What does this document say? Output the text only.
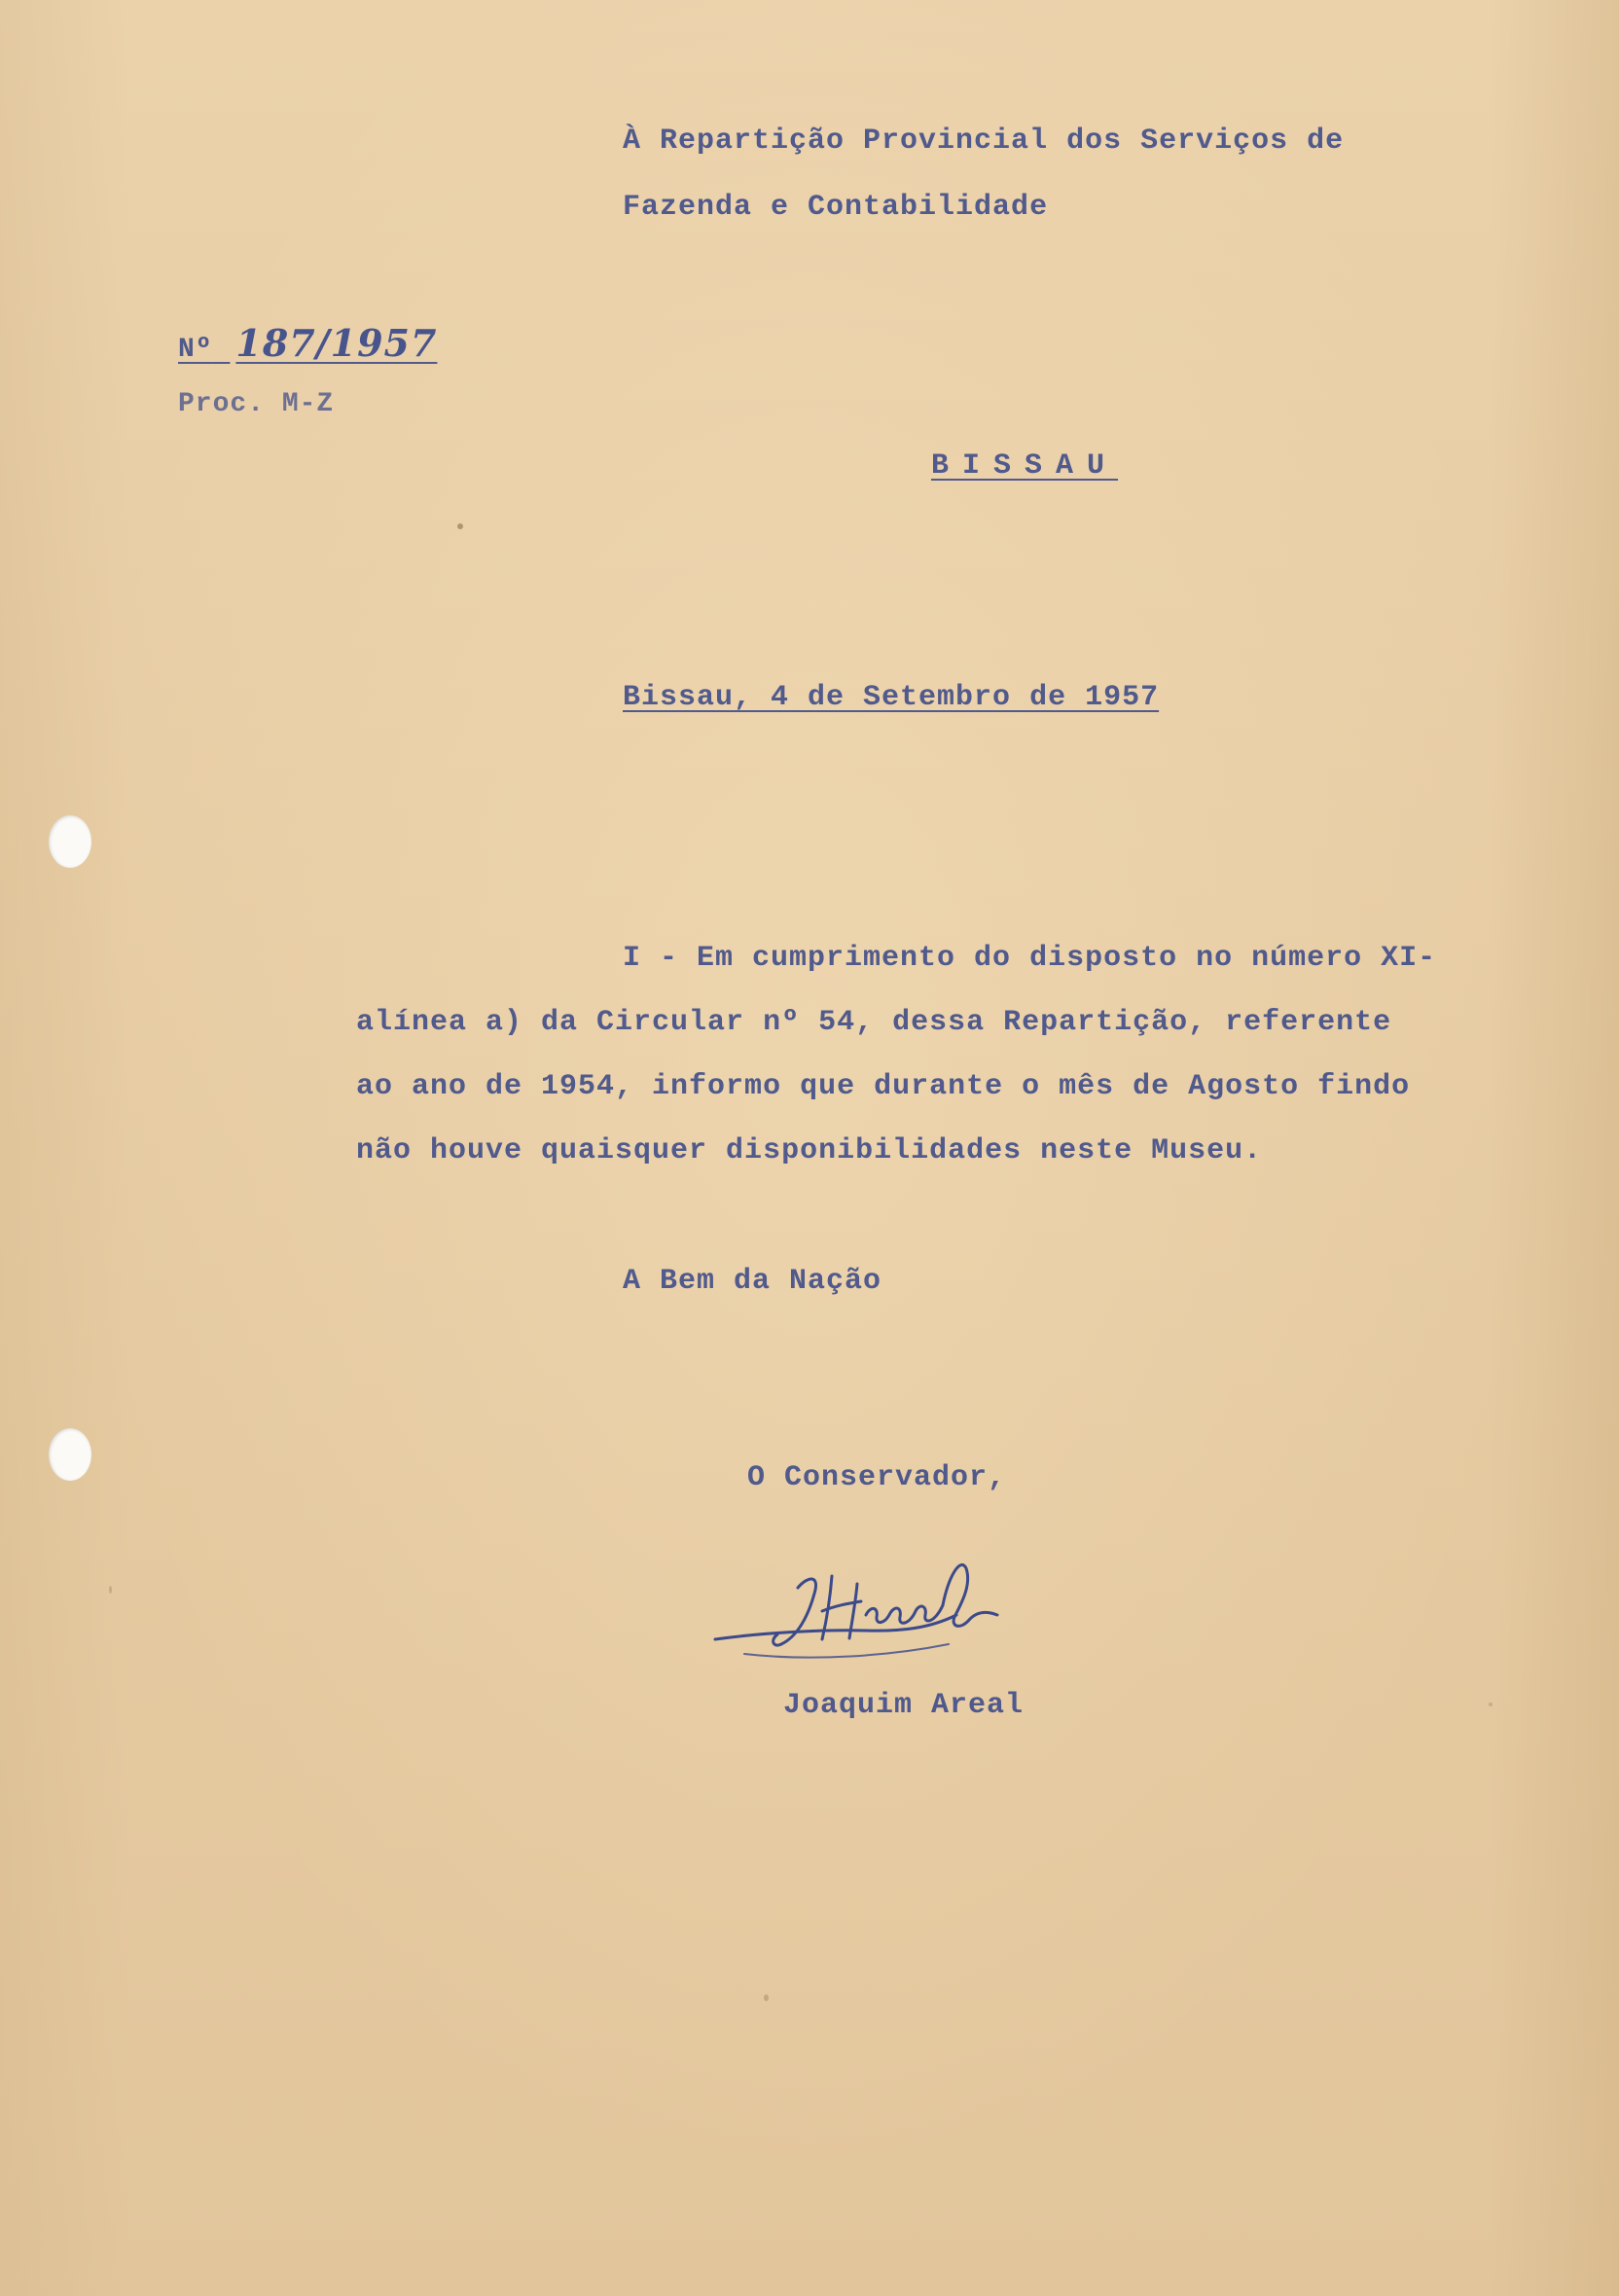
À Repartição Provincial dos Serviços de
Fazenda e Contabilidade
Nº 187/1957
Proc. M-Z
BISSAU
Bissau, 4 de Setembro de 1957
I - Em cumprimento do disposto no número XI-
alínea a) da Circular nº 54, dessa Repartição, referente
ao ano de 1954, informo que durante o mês de Agosto findo
não houve quaisquer disponibilidades neste Museu.
A Bem da Nação
O Conservador,
Joaquim Areal
